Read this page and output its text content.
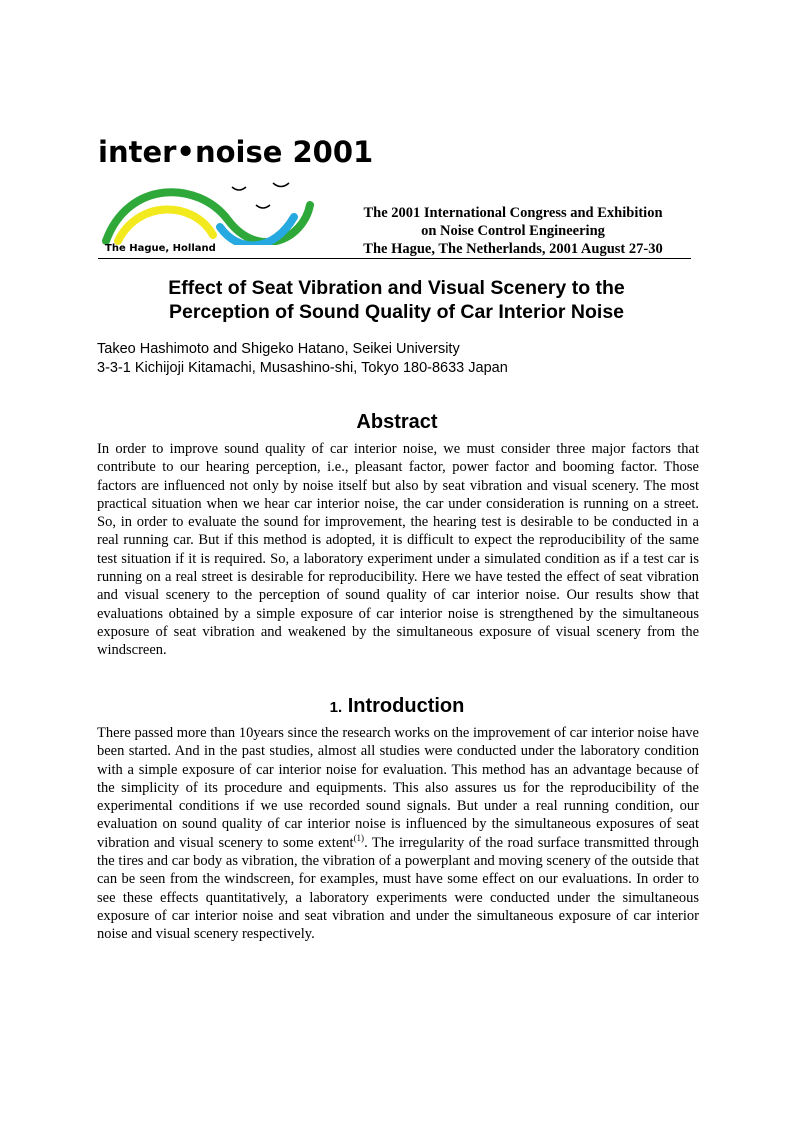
inter•noise 2001
The Hague, Holland
The 2001 International Congress and Exhibition
on Noise Control Engineering
The Hague, The Netherlands, 2001 August 27-30
Effect of Seat Vibration and Visual Scenery to the
Perception of Sound Quality of Car Interior Noise
Takeo Hashimoto and Shigeko Hatano, Seikei University
3-3-1 Kichijoji Kitamachi, Musashino-shi, Tokyo 180-8633 Japan
Abstract
In order to improve sound quality of car interior noise, we must consider three major factors that contribute to our hearing perception, i.e., pleasant factor, power factor and booming factor. Those factors are influenced not only by noise itself but also by seat vibration and visual scenery. The most practical situation when we hear car interior noise, the car under consideration is running on a street. So, in order to evaluate the sound for improvement, the hearing test is desirable to be conducted in a real running car. But if this method is adopted, it is difficult to expect the reproducibility of the same test situation if it is required. So, a laboratory experiment under a simulated condition as if a test car is running on a real street is desirable for reproducibility. Here we have tested the effect of seat vibration and visual scenery to the perception of sound quality of car interior noise. Our results show that evaluations obtained by a simple exposure of car interior noise is strengthened by the simultaneous exposure of seat vibration and weakened by the simultaneous exposure of visual scenery from the windscreen.
1. Introduction
There passed more than 10years since the research works on the improvement of car interior noise have been started. And in the past studies, almost all studies were conducted under the laboratory condition with a simple exposure of car interior noise for evaluation. This method has an advantage because of the simplicity of its procedure and equipments. This also assures us for the reproducibility of the experimental conditions if we use recorded sound signals. But under a real running condition, our evaluation on sound quality of car interior noise is influenced by the simultaneous exposures of seat vibration and visual scenery to some extent$^{(1)}$. The irregularity of the road surface transmitted through the tires and car body as vibration, the vibration of a powerplant and moving scenery of the outside that can be seen from the windscreen, for examples, must have some effect on our evaluations. In order to see these effects quantitatively, a laboratory experiments were conducted under the simultaneous exposure of car interior noise and seat vibration and under the simultaneous exposure of car interior noise and visual scenery respectively.
